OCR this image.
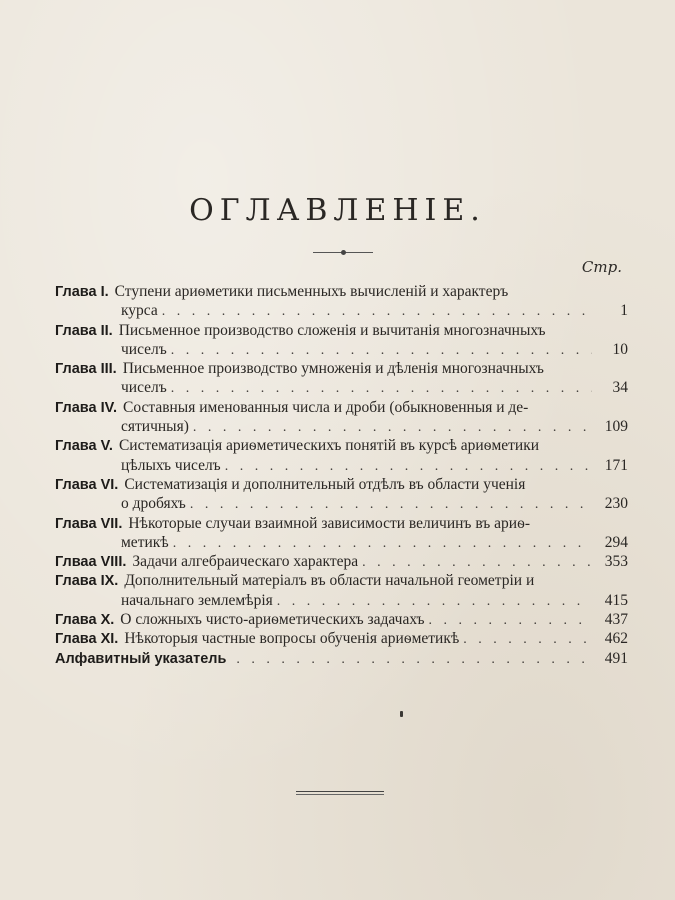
ОГЛАВЛЕНІЕ.
Стр.
Глава I. Ступени ариѳметики письменныхъ вычисленій и характеръ
курса . . .	1
Глава II. Письменное производство сложенія и вычитанія многозначныхъ
чиселъ . . .	10
Глава III. Письменное производство умноженія и дѣленія многозначныхъ
чиселъ . . .	34
Глава IV. Составныя именованныя числа и дроби (обыкновенныя и де-
сятичныя) . . .	109
Глава V. Систематизація ариѳметическихъ понятій въ курсѣ ариѳметики
цѣлыхъ чиселъ . . .	171
Глава VI. Систематизація и дополнительный отдѣлъ въ области ученія
о дробяхъ . . .	230
Глава VII. Нѣкоторые случаи взаимной зависимости величинъ въ ариѳ-
метикѣ . . .	294
Глваа VIII. Задачи алгебраическаго характера . . .	353
Глава IX. Дополнительный матеріалъ въ области начальной геометріи и
начальнаго землемѣрія . . .	415
Глава X. О сложныхъ чисто-ариѳметическихъ задачахъ . . .	437
Глава XI. Нѣкоторыя частные вопросы обученія ариѳметикѣ . . .	462
Алфавитный указатель . . .	491
